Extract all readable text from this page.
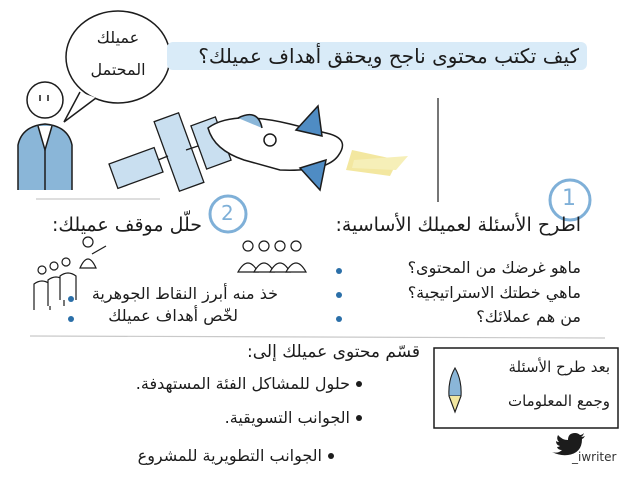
كيف تكتب محتوى ناجح ويحقق أهداف عميلك؟
عميلك
المحتمل
1
اطرح الأسئلة لعميلك الأساسية:
ماهو غرضك من المحتوى؟
ماهي خطتك الاستراتيجية؟
من هم عملائك؟
2
حلّل موقف عميلك:
خذ منه أبرز النقاط الجوهرية
لخّص أهداف عميلك
قسّم محتوى عميلك إلى:
حلول للمشاكل الفئة المستهدفة.
الجوانب التسويقية.
الجوانب التطويرية للمشروع
بعد طرح الأسئلة
وجمع المعلومات
_iwriter
